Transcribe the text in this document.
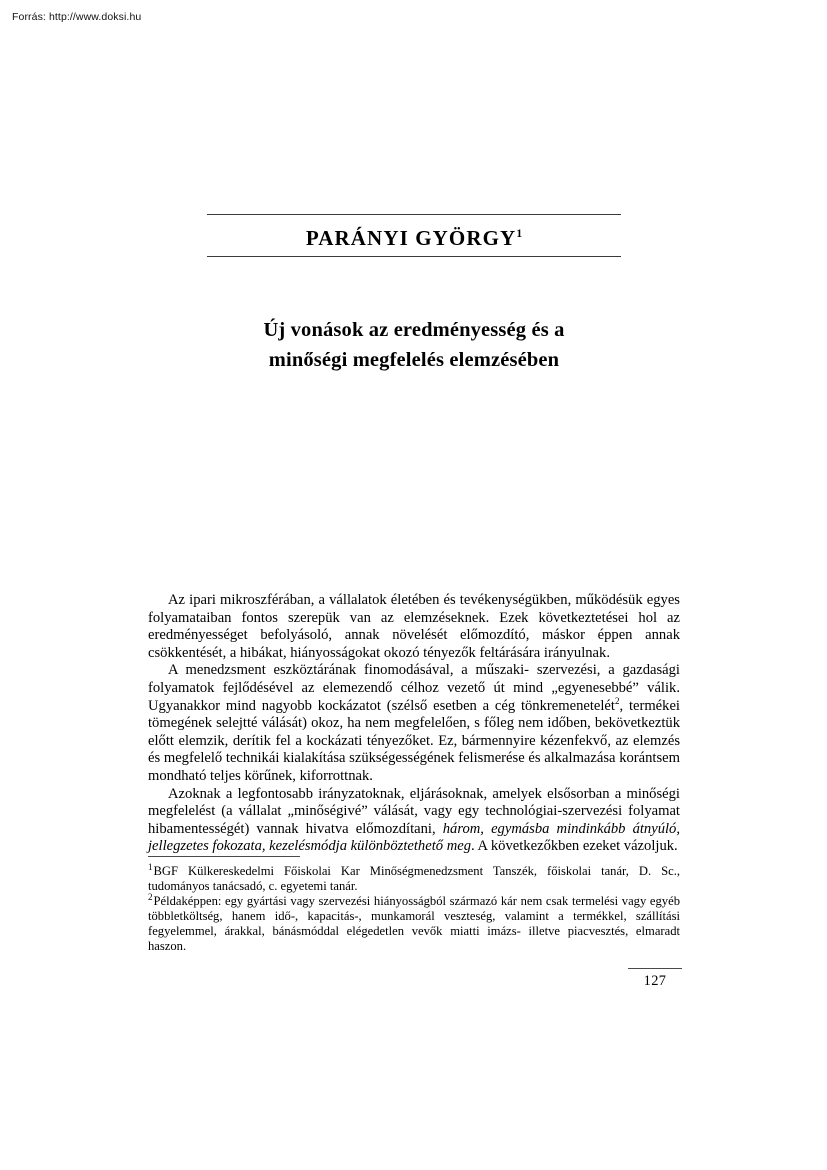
Forrás: http://www.doksi.hu
PARÁNYI GYÖRGY$^1$
Új vonások az eredményesség és a
minőségi megfelelés elemzésében

Az ipari mikroszférában, a vállalatok életében és tevékenységükben, működésük egyes folyamataiban fontos szerepük van az elemzéseknek. Ezek következtetései hol az eredményességet befolyásoló, annak növelését előmozdító, máskor éppen annak csökkentését, a hibákat, hiányosságokat okozó tényezők feltárására irányulnak.

A menedzsment eszköztárának finomodásával, a műszaki- szervezési, a gazdasági folyamatok fejlődésével az elemezendő célhoz vezető út mind „egyenesebbé” válik. Ugyanakkor mind nagyobb kockázatot (szélső esetben a cég tönkremenetelét$^2$, termékei tömegének selejtté válását) okoz, ha nem megfelelően, s főleg nem időben, bekövetkeztük előtt elemzik, derítik fel a kockázati tényezőket. Ez, bármennyire kézenfekvő, az elemzés és megfelelő technikái kialakítása szükségességének felismerése és alkalmazása korántsem mondható teljes körűnek, kiforrottnak.

Azoknak a legfontosabb irányzatoknak, eljárásoknak, amelyek elsősorban a minőségi megfelelést (a vállalat „minőségivé” válását, vagy egy technológiai-szervezési folyamat hibamentességét) vannak hivatva előmozdítani, három, egymásba mindinkább átnyúló, jellegzetes fokozata, kezelésmódja különböztethető meg. A következőkben ezeket vázoljuk.

$^1$BGF Külkereskedelmi Főiskolai Kar Minőségmenedzsment Tanszék, főiskolai tanár, D. Sc., tudományos tanácsadó, c. egyetemi tanár.

$^2$Példaképpen: egy gyártási vagy szervezési hiányosságból származó kár nem csak termelési vagy egyéb többletköltség, hanem idő-, kapacitás-, munkamorál veszteség, valamint a termékkel, szállítási fegyelemmel, árakkal, bánásmóddal elégedetlen vevők miatti imázs- illetve piacvesztés, elmaradt haszon.

127
